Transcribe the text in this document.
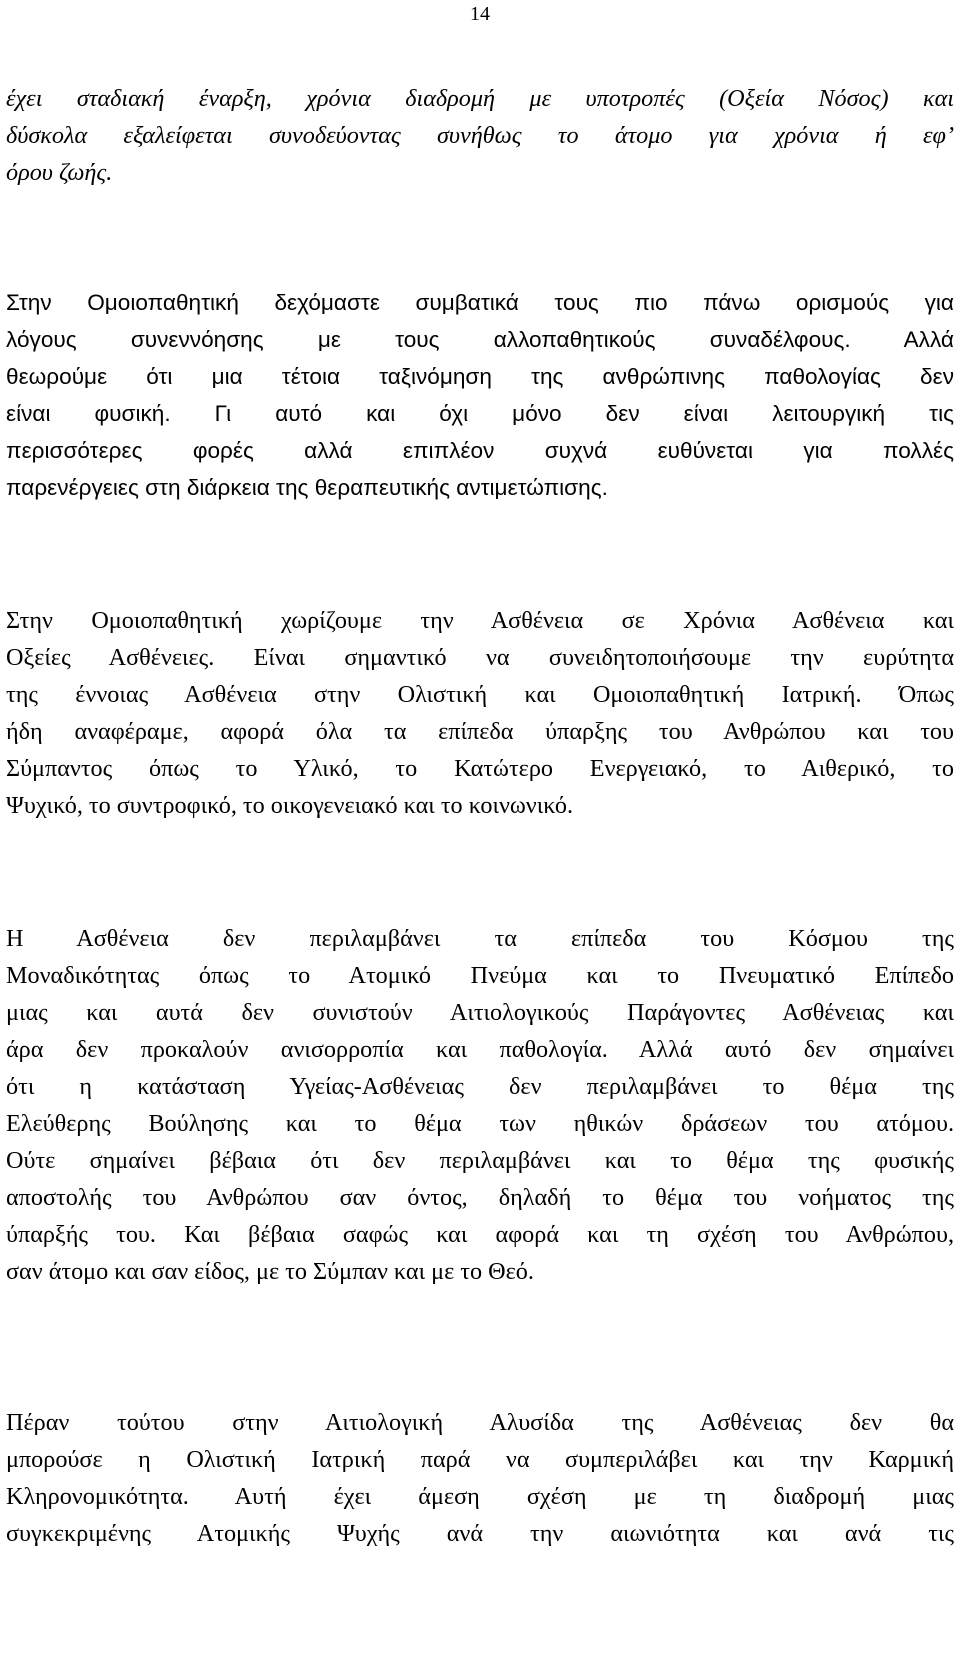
14
έχει σταδιακή έναρξη, χρόνια διαδρομή με υποτροπές (Οξεία Νόσος) και
δύσκολα εξαλείφεται συνοδεύοντας συνήθως το άτομο για χρόνια ή εφ’
όρου ζωής.
Στην Ομοιοπαθητική δεχόμαστε συμβατικά τους πιο πάνω ορισμούς για
λόγους συνεννόησης με τους αλλοπαθητικούς συναδέλφους. Αλλά
θεωρούμε ότι μια τέτοια ταξινόμηση της ανθρώπινης παθολογίας δεν
είναι φυσική. Γι αυτό και όχι μόνο δεν είναι λειτουργική τις
περισσότερες φορές αλλά επιπλέον συχνά ευθύνεται για πολλές
παρενέργειες στη διάρκεια της θεραπευτικής αντιμετώπισης.
Στην Ομοιοπαθητική χωρίζουμε την Ασθένεια σε Χρόνια Ασθένεια και
Οξείες Ασθένειες. Είναι σημαντικό να συνειδητοποιήσουμε την ευρύτητα
της έννοιας Ασθένεια στην Ολιστική και Ομοιοπαθητική Ιατρική. Όπως
ήδη αναφέραμε, αφορά όλα τα επίπεδα ύπαρξης του Ανθρώπου και του
Σύμπαντος όπως το Υλικό, το Κατώτερο Ενεργειακό, το Αιθερικό, το
Ψυχικό, το συντροφικό, το οικογενειακό και το κοινωνικό.
Η Ασθένεια δεν περιλαμβάνει τα επίπεδα του Κόσμου της
Μοναδικότητας όπως το Ατομικό Πνεύμα και το Πνευματικό Επίπεδο
μιας και αυτά δεν συνιστούν Αιτιολογικούς Παράγοντες Ασθένειας και
άρα δεν προκαλούν ανισορροπία και παθολογία. Αλλά αυτό δεν σημαίνει
ότι η κατάσταση Υγείας-Ασθένειας δεν περιλαμβάνει το θέμα της
Ελεύθερης Βούλησης και το θέμα των ηθικών δράσεων του ατόμου.
Ούτε σημαίνει βέβαια ότι δεν περιλαμβάνει και το θέμα της φυσικής
αποστολής του Ανθρώπου σαν όντος, δηλαδή το θέμα του νοήματος της
ύπαρξής του. Και βέβαια σαφώς και αφορά και τη σχέση του Ανθρώπου,
σαν άτομο και σαν είδος, με το Σύμπαν και με το Θεό.
Πέραν τούτου στην Αιτιολογική Αλυσίδα της Ασθένειας δεν θα
μπορούσε η Ολιστική Ιατρική παρά να συμπεριλάβει και την Καρμική
Κληρονομικότητα. Αυτή έχει άμεση σχέση με τη διαδρομή μιας
συγκεκριμένης Ατομικής Ψυχής ανά την αιωνιότητα και ανά τις
